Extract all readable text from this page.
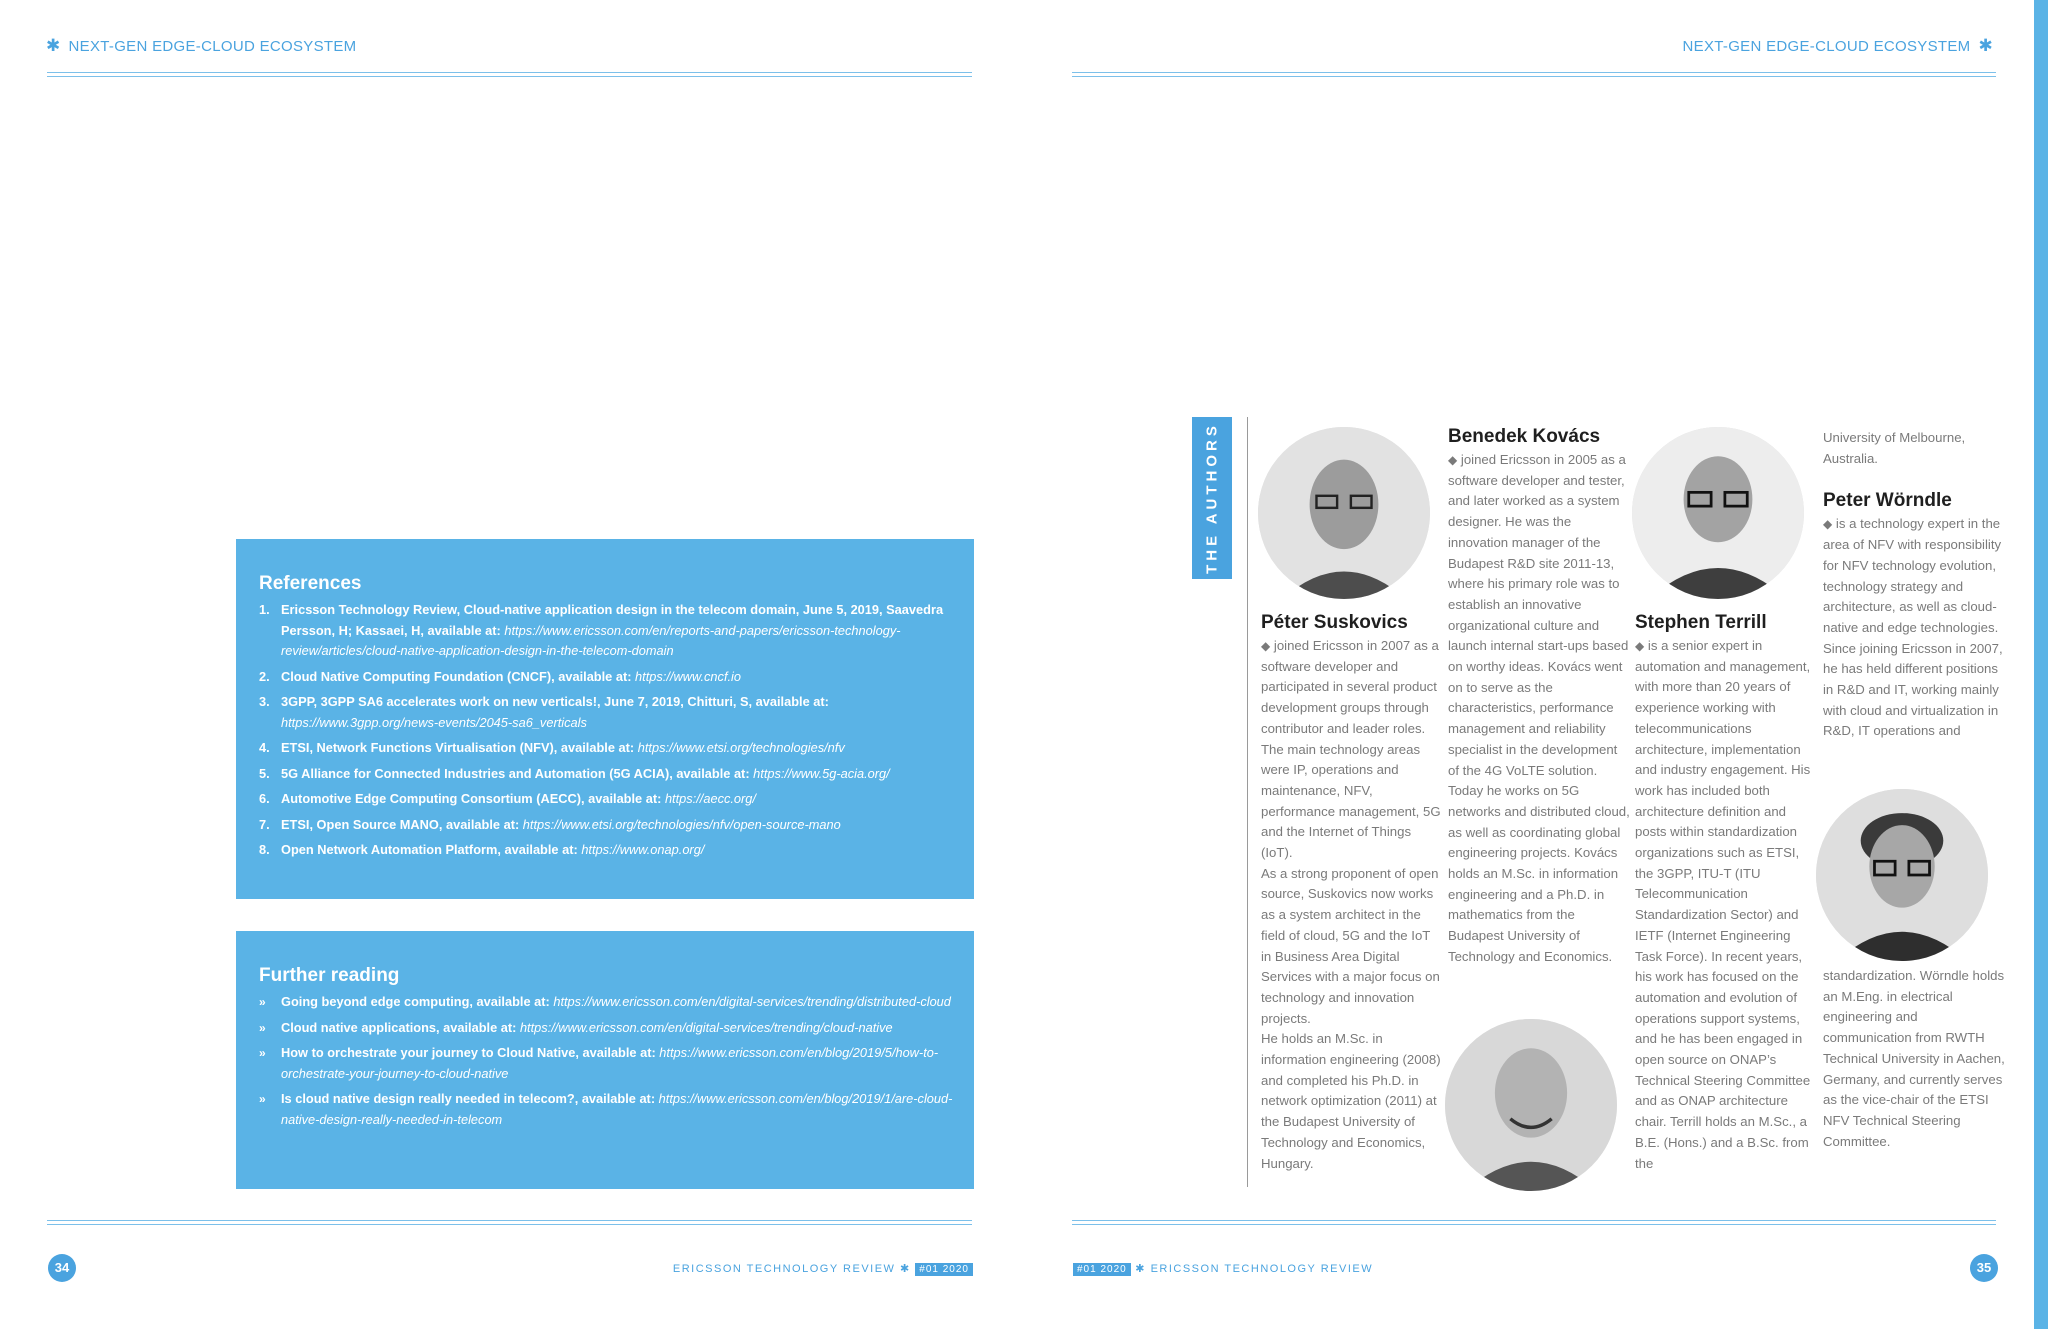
✱ NEXT-GEN EDGE-CLOUD ECOSYSTEM	NEXT-GEN EDGE-CLOUD ECOSYSTEM ✱
References
1. Ericsson Technology Review, Cloud-native application design in the telecom domain, June 5, 2019, Saavedra Persson, H; Kassaei, H, available at: https://www.ericsson.com/en/reports-and-papers/ericsson-technology-review/articles/cloud-native-application-design-in-the-telecom-domain
2. Cloud Native Computing Foundation (CNCF), available at: https://www.cncf.io
3. 3GPP, 3GPP SA6 accelerates work on new verticals!, June 7, 2019, Chitturi, S, available at: https://www.3gpp.org/news-events/2045-sa6_verticals
4. ETSI, Network Functions Virtualisation (NFV), available at: https://www.etsi.org/technologies/nfv
5. 5G Alliance for Connected Industries and Automation (5G ACIA), available at: https://www.5g-acia.org/
6. Automotive Edge Computing Consortium (AECC), available at: https://aecc.org/
7. ETSI, Open Source MANO, available at: https://www.etsi.org/technologies/nfv/open-source-mano
8. Open Network Automation Platform, available at: https://www.onap.org/
Further reading
» Going beyond edge computing, available at: https://www.ericsson.com/en/digital-services/trending/distributed-cloud
» Cloud native applications, available at: https://www.ericsson.com/en/digital-services/trending/cloud-native
» How to orchestrate your journey to Cloud Native, available at: https://www.ericsson.com/en/blog/2019/5/how-to-orchestrate-your-journey-to-cloud-native
» Is cloud native design really needed in telecom?, available at: https://www.ericsson.com/en/blog/2019/1/are-cloud-native-design-really-needed-in-telecom
THE AUTHORS
Péter Suskovics

◆ joined Ericsson in 2007 as a software developer and participated in several product development groups through contributor and leader roles. The main technology areas were IP, operations and maintenance, NFV, performance management, 5G and the Internet of Things (IoT).

As a strong proponent of open source, Suskovics now works as a system architect in the field of cloud, 5G and the IoT in Business Area Digital Services with a major focus on technology and innovation projects.

He holds an M.Sc. in information engineering (2008) and completed his Ph.D. in network optimization (2011) at the Budapest University of Technology and Economics, Hungary.

Benedek Kovács

◆ joined Ericsson in 2005 as a software developer and tester, and later worked as a system designer. He was the innovation manager of the Budapest R&D site 2011-13, where his primary role was to establish an innovative organizational culture and launch internal start-ups based on worthy ideas. Kovács went on to serve as the characteristics, performance management and reliability specialist in the development of the 4G VoLTE solution. Today he works on 5G networks and distributed cloud, as well as coordinating global engineering projects. Kovács holds an M.Sc. in information engineering and a Ph.D. in mathematics from the Budapest University of Technology and Economics.

Stephen Terrill

◆ is a senior expert in automation and management, with more than 20 years of experience working with telecommunications architecture, implementation and industry engagement. His work has included both architecture definition and posts within standardization organizations such as ETSI, the 3GPP, ITU-T (ITU Telecommunication Standardization Sector) and IETF (Internet Engineering Task Force). In recent years, his work has focused on the automation and evolution of operations support systems, and he has been engaged in open source on ONAP’s Technical Steering Committee and as ONAP architecture chair. Terrill holds an M.Sc., a B.E. (Hons.) and a B.Sc. from the

University of Melbourne, Australia.

Peter Wörndle

◆ is a technology expert in the area of NFV with responsibility for NFV technology evolution, technology strategy and architecture, as well as cloud-native and edge technologies. Since joining Ericsson in 2007, he has held different positions in R&D and IT, working mainly with cloud and virtualization in R&D, IT operations and

standardization. Wörndle holds an M.Eng. in electrical engineering and communication from RWTH Technical University in Aachen, Germany, and currently serves as the vice-chair of the ETSI NFV Technical Steering Committee.

34	ERICSSON TECHNOLOGY REVIEW ✱ #01 2020	#01 2020 ✱ ERICSSON TECHNOLOGY REVIEW	35
